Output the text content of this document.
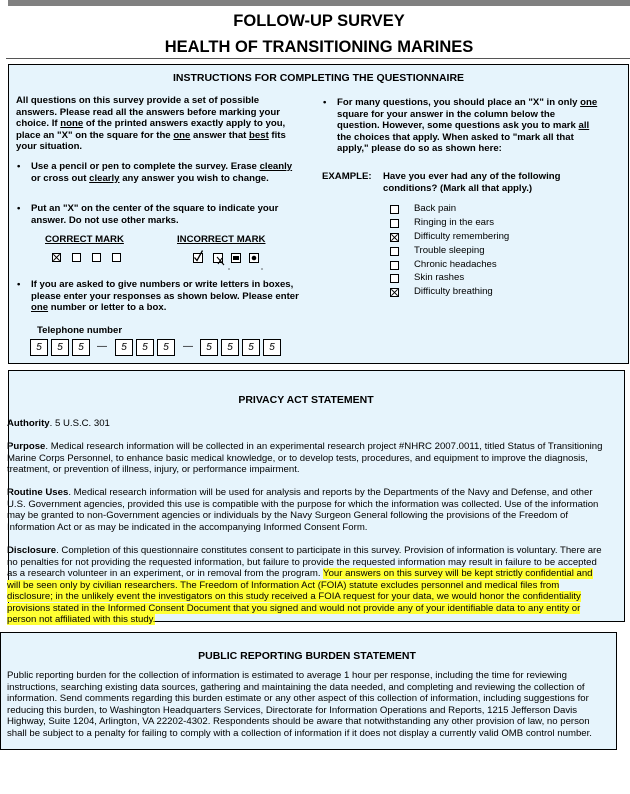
FOLLOW-UP SURVEY
HEALTH OF TRANSITIONING MARINES
INSTRUCTIONS FOR COMPLETING THE QUESTIONNAIRE
All questions on this survey provide a set of possible answers. Please read all the answers before marking your choice. If none of the printed answers exactly apply to you, place an "X" on the square for the one answer that best fits your situation.
• Use a pencil or pen to complete the survey. Erase cleanly or cross out clearly any answer you wish to change.
• Put an "X" on the center of the square to indicate your answer. Do not use other marks.
CORRECT MARK	INCORRECT MARK
• If you are asked to give numbers or write letters in boxes, please enter your responses as shown below. Please enter one number or letter to a box.
Telephone number
5	5	5	—	5	5	5	—	5	5	5	5
• For many questions, you should place an "X" in only one square for your answer in the column below the question. However, some questions ask you to mark all the choices that apply. When asked to "mark all that apply," please do so as shown here:
EXAMPLE: Have you ever had any of the following conditions? (Mark all that apply.)
Back pain
Ringing in the ears
Difficulty remembering
Trouble sleeping
Chronic headaches
Skin rashes
Difficulty breathing
PRIVACY ACT STATEMENT
Authority. 5 U.S.C. 301
Purpose. Medical research information will be collected in an experimental research project #NHRC 2007.0011, titled Status of Transitioning Marine Corps Personnel, to enhance basic medical knowledge, or to develop tests, procedures, and equipment to improve the diagnosis, treatment, or prevention of illness, injury, or performance impairment.
Routine Uses. Medical research information will be used for analysis and reports by the Departments of the Navy and Defense, and other U.S. Government agencies, provided this use is compatible with the purpose for which the information was collected. Use of the information may be granted to non-Government agencies or individuals by the Navy Surgeon General following the provisions of the Freedom of Information Act or as may be indicated in the accompanying Informed Consent Form.
Disclosure. Completion of this questionnaire constitutes consent to participate in this survey. Provision of information is voluntary. There are no penalties for not providing the requested information, but failure to provide the requested information may result in failure to be accepted as a research volunteer in an experiment, or in removal from the program. Your answers on this survey will be kept strictly confidential and will be seen only by civilian researchers. The Freedom of Information Act (FOIA) statute excludes personnel and medical files from disclosure; in the unlikely event the investigators on this study received a FOIA request for your data, we would honor the confidentiality provisions stated in the Informed Consent Document that you signed and would not provide any of your identifiable data to any entity or person not affiliated with this study.
PUBLIC REPORTING BURDEN STATEMENT
Public reporting burden for the collection of information is estimated to average 1 hour per response, including the time for reviewing instructions, searching existing data sources, gathering and maintaining the data needed, and completing and reviewing the collection of information. Send comments regarding this burden estimate or any other aspect of this collection of information, including suggestions for reducing this burden, to Washington Headquarters Services, Directorate for Information Operations and Reports, 1215 Jefferson Davis Highway, Suite 1204, Arlington, VA 22202-4302. Respondents should be aware that notwithstanding any other provision of law, no person shall be subject to a penalty for failing to comply with a collection of information if it does not display a currently valid OMB control number.
